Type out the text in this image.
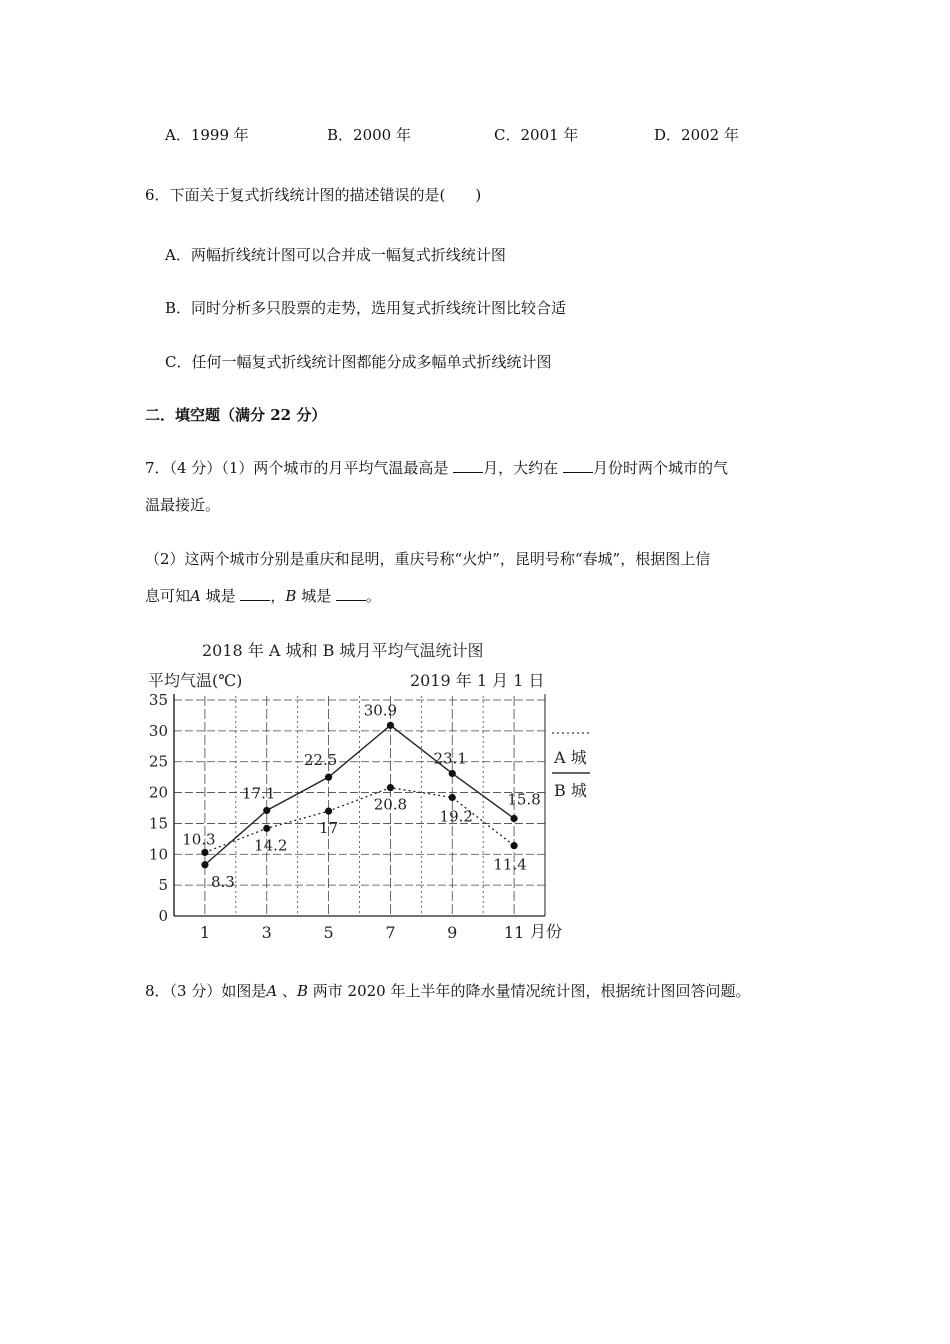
A．1999 年	B．2000 年	C．2001 年	D．2002 年
6．下面关于复式折线统计图的描述错误的是(　　)
A．两幅折线统计图可以合并成一幅复式折线统计图
B．同时分析多只股票的走势，选用复式折线统计图比较合适
C．任何一幅复式折线统计图都能分成多幅单式折线统计图
二．填空题（满分 22 分）
7．（4 分）（1）两个城市的月平均气温最高是 月，大约在 月份时两个城市的气
温最接近。
（2）这两个城市分别是重庆和昆明，重庆号称“火炉”，昆明号称“春城”，根据图上信
息可知A 城是 ，B 城是 。
2018 年 A 城和 B 城月平均气温统计图
平均气温(℃)	2019 年 1 月 1 日
月份
0
5
10
15
20
25
30
35
1	3	5	7	9	11
10.3	14.2
17
20.8
19.2
11.4
8.3
17.1
22.5
30.9
23.1
15.8
A 城
B 城
8．（3 分）如图是A 、B 两市 2020 年上半年的降水量情况统计图，根据统计图回答问题。
